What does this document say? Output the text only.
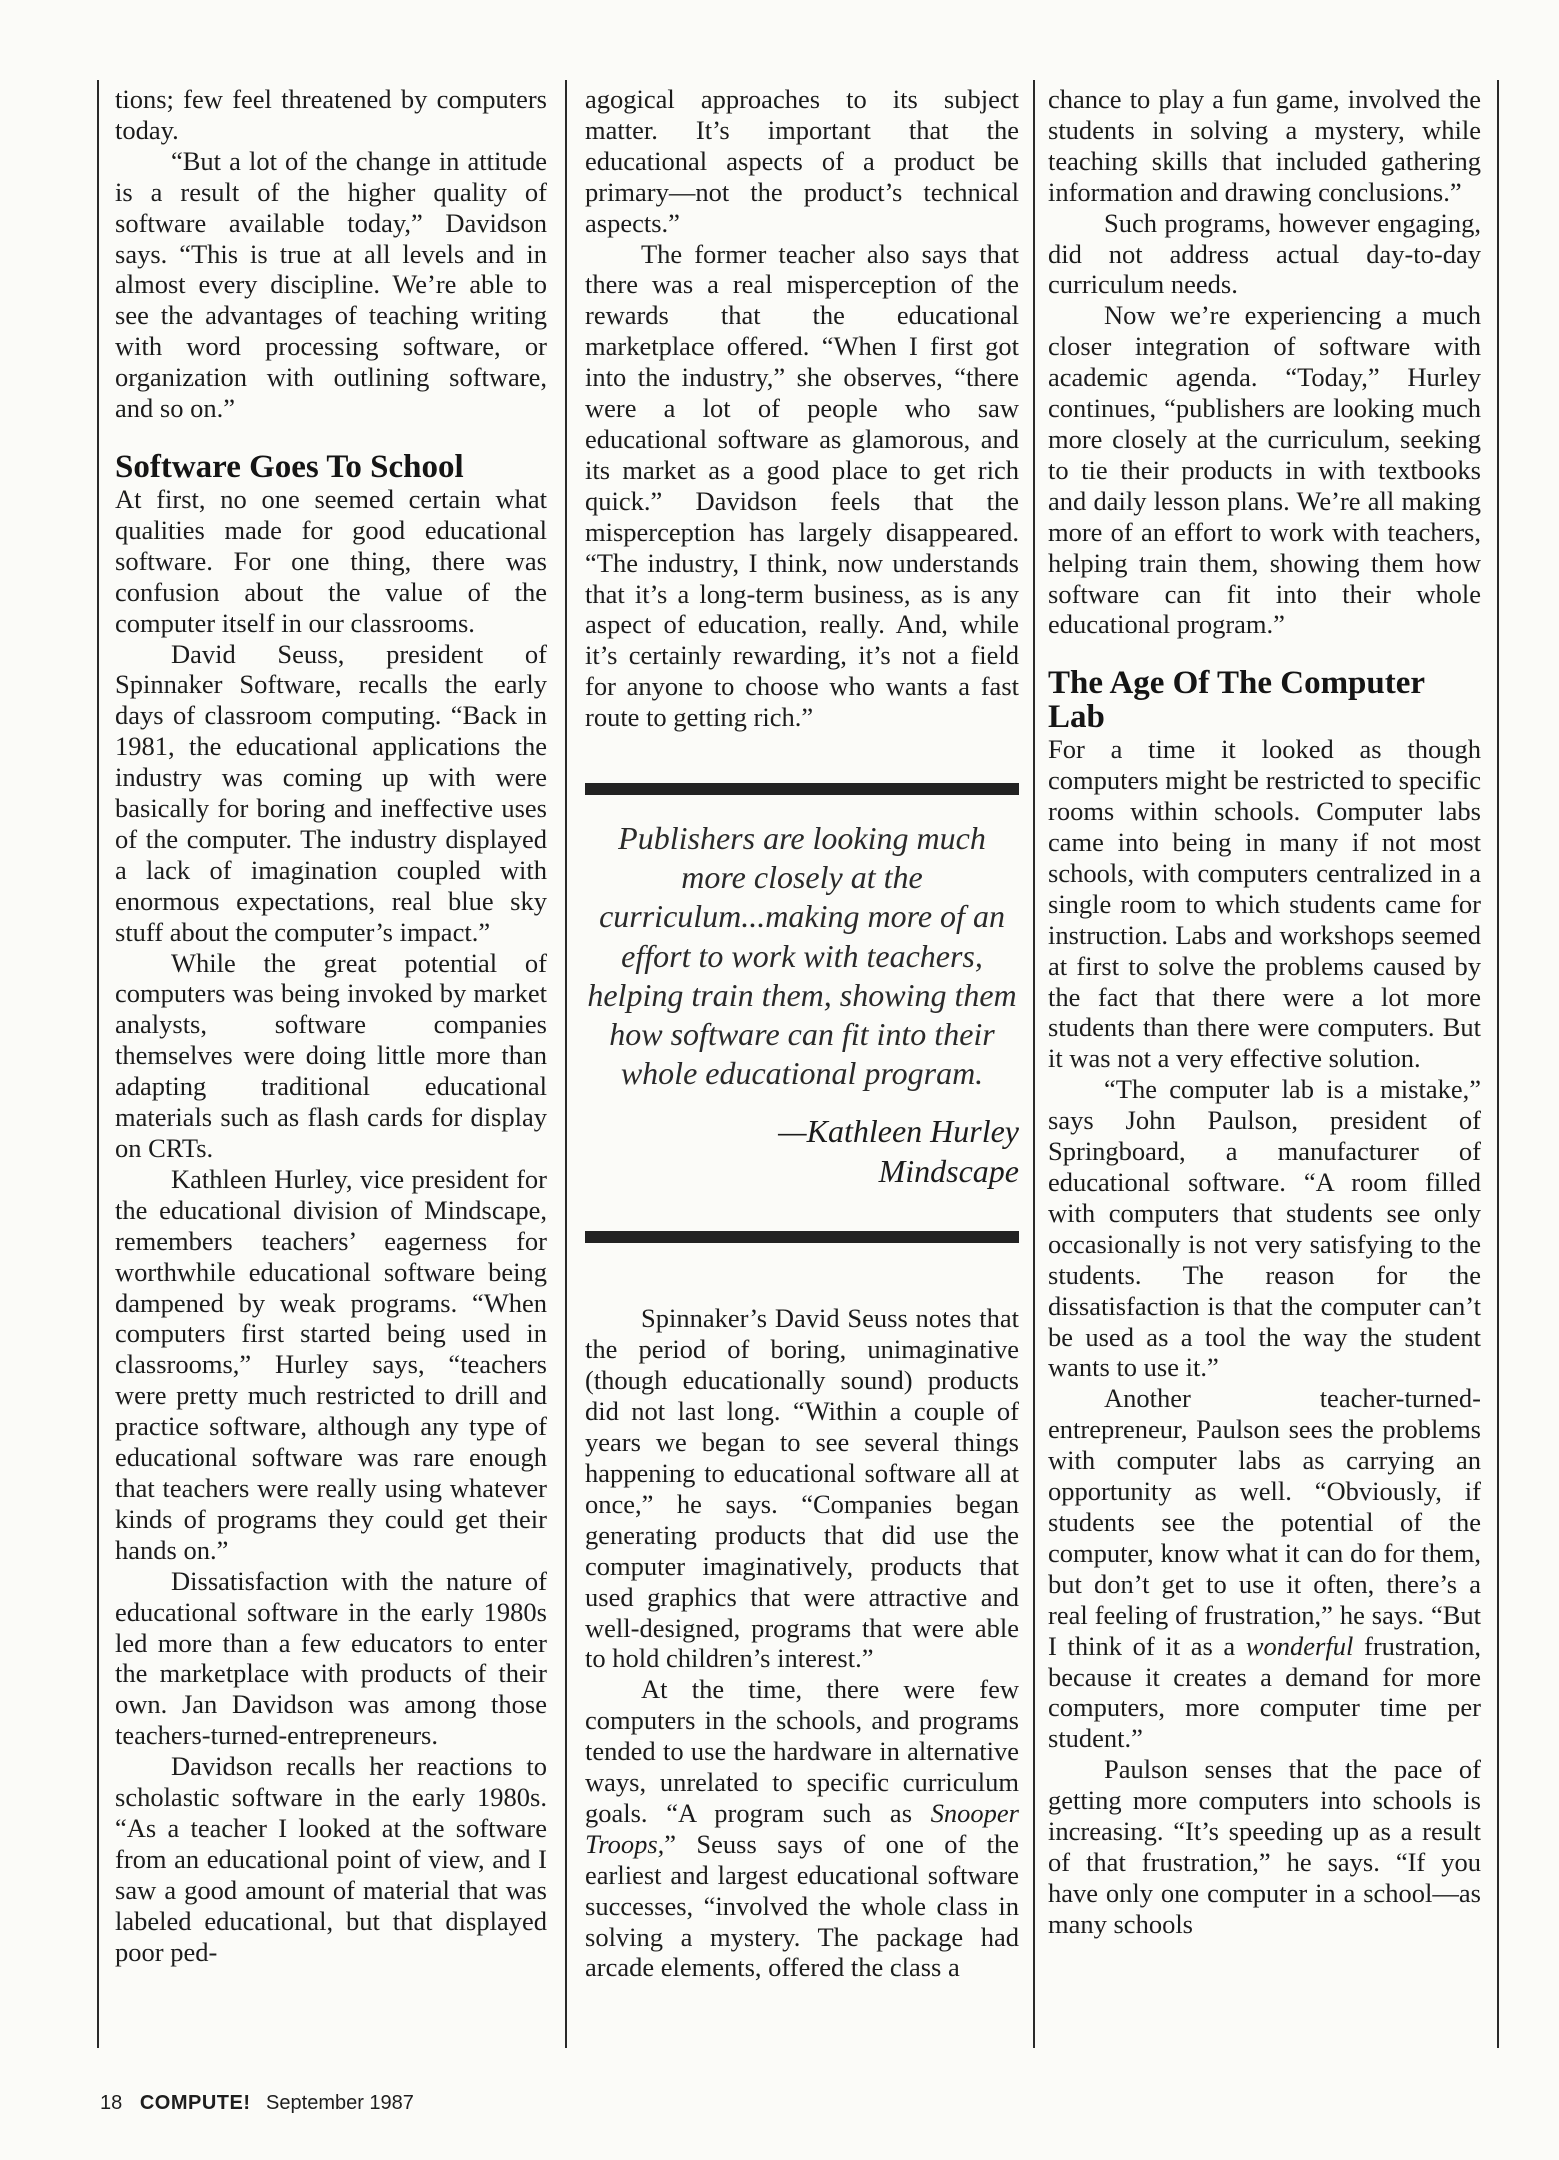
tions; few feel threatened by computers today.

“But a lot of the change in attitude is a result of the higher quality of software available today,” Davidson says. “This is true at all levels and in almost every discipline. We’re able to see the advantages of teaching writing with word processing software, or organization with outlining software, and so on.”

Software Goes To School

At first, no one seemed certain what qualities made for good educational software. For one thing, there was confusion about the value of the computer itself in our classrooms.

David Seuss, president of Spinnaker Software, recalls the early days of classroom computing. “Back in 1981, the educational applications the industry was coming up with were basically for boring and ineffective uses of the computer. The industry displayed a lack of imagination coupled with enormous expectations, real blue sky stuff about the computer’s impact.”

While the great potential of computers was being invoked by market analysts, software companies themselves were doing little more than adapting traditional educational materials such as flash cards for display on CRTs.

Kathleen Hurley, vice president for the educational division of Mindscape, remembers teachers’ eagerness for worthwhile educational software being dampened by weak programs. “When computers first started being used in classrooms,” Hurley says, “teachers were pretty much restricted to drill and practice software, although any type of educational software was rare enough that teachers were really using whatever kinds of programs they could get their hands on.”

Dissatisfaction with the nature of educational software in the early 1980s led more than a few educators to enter the marketplace with products of their own. Jan Davidson was among those teachers-turned-entrepreneurs.

Davidson recalls her reactions to scholastic software in the early 1980s. “As a teacher I looked at the software from an educational point of view, and I saw a good amount of material that was labeled educational, but that displayed poor ped-

agogical approaches to its subject matter. It’s important that the educational aspects of a product be primary—not the product’s technical aspects.”

The former teacher also says that there was a real misperception of the rewards that the educational marketplace offered. “When I first got into the industry,” she observes, “there were a lot of people who saw educational software as glamorous, and its market as a good place to get rich quick.” Davidson feels that the misperception has largely disappeared. “The industry, I think, now understands that it’s a long-term business, as is any aspect of education, really. And, while it’s certainly rewarding, it’s not a field for anyone to choose who wants a fast route to getting rich.”

Publishers are looking much more closely at the curriculum...making more of an effort to work with teachers, helping train them, showing them how software can fit into their whole educational program.
—Kathleen Hurley
Mindscape

Spinnaker’s David Seuss notes that the period of boring, unimaginative (though educationally sound) products did not last long. “Within a couple of years we began to see several things happening to educational software all at once,” he says. “Companies began generating products that did use the computer imaginatively, products that used graphics that were attractive and well-designed, programs that were able to hold children’s interest.”

At the time, there were few computers in the schools, and programs tended to use the hardware in alternative ways, unrelated to specific curriculum goals. “A program such as Snooper Troops,” Seuss says of one of the earliest and largest educational software successes, “involved the whole class in solving a mystery. The package had arcade elements, offered the class a

chance to play a fun game, involved the students in solving a mystery, while teaching skills that included gathering information and drawing conclusions.”

Such programs, however engaging, did not address actual day-to-day curriculum needs.

Now we’re experiencing a much closer integration of software with academic agenda. “Today,” Hurley continues, “publishers are looking much more closely at the curriculum, seeking to tie their products in with textbooks and daily lesson plans. We’re all making more of an effort to work with teachers, helping train them, showing them how software can fit into their whole educational program.”

The Age Of The Computer Lab

For a time it looked as though computers might be restricted to specific rooms within schools. Computer labs came into being in many if not most schools, with computers centralized in a single room to which students came for instruction. Labs and workshops seemed at first to solve the problems caused by the fact that there were a lot more students than there were computers. But it was not a very effective solution.

“The computer lab is a mistake,” says John Paulson, president of Springboard, a manufacturer of educational software. “A room filled with computers that students see only occasionally is not very satisfying to the students. The reason for the dissatisfaction is that the computer can’t be used as a tool the way the student wants to use it.”

Another teacher-turned-entrepreneur, Paulson sees the problems with computer labs as carrying an opportunity as well. “Obviously, if students see the potential of the computer, know what it can do for them, but don’t get to use it often, there’s a real feeling of frustration,” he says. “But I think of it as a wonderful frustration, because it creates a demand for more computers, more computer time per student.”

Paulson senses that the pace of getting more computers into schools is increasing. “It’s speeding up as a result of that frustration,” he says. “If you have only one computer in a school—as many schools

18 COMPUTE! September 1987
